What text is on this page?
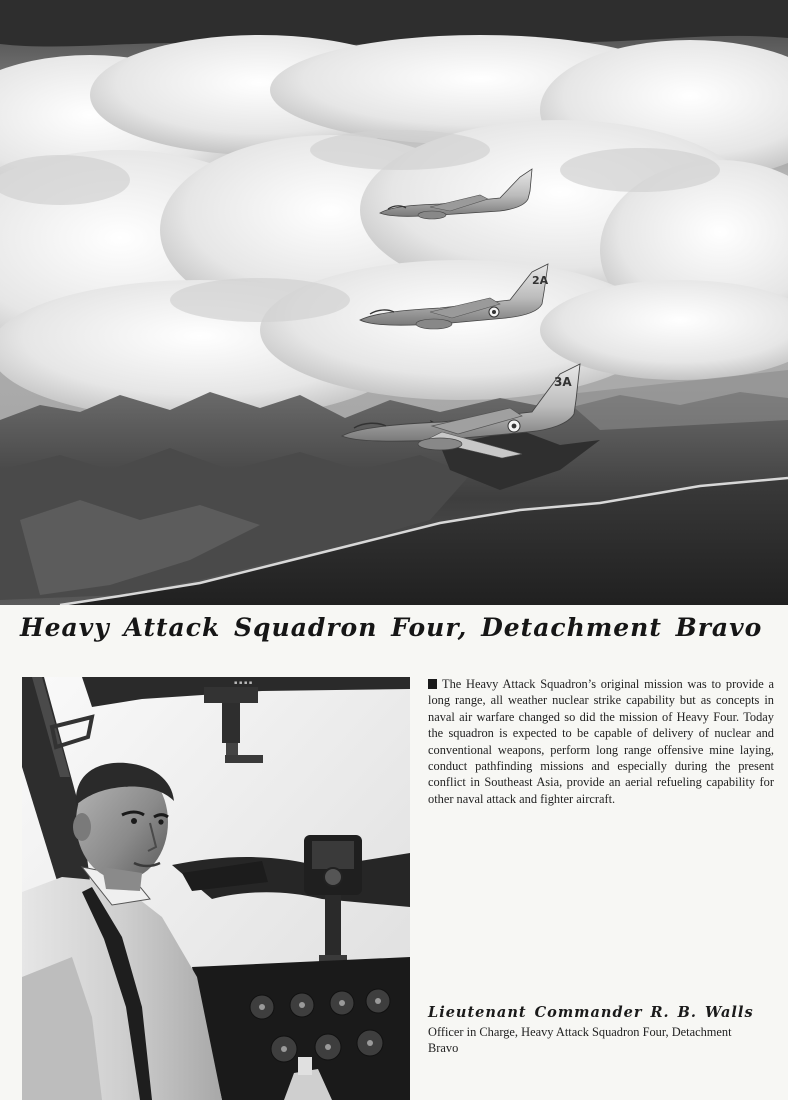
2A
3A
Heavy Attack Squadron Four, Detachment Bravo
▪ ▪ ▪ ▪	The Heavy Attack Squadron’s original mission was to provide a long range, all weather nuclear strike capability but as concepts in naval air warfare changed so did the mission of Heavy Four. Today the squadron is expected to be capable of delivery of nuclear and conventional weapons, perform long range offensive mine laying, conduct pathfinding missions and especially during the present conflict in Southeast Asia, provide an aerial refueling capability for other naval attack and fighter aircraft.

Lieutenant Commander R. B. Walls

Officer in Charge, Heavy Attack Squadron Four, Detachment Bravo
